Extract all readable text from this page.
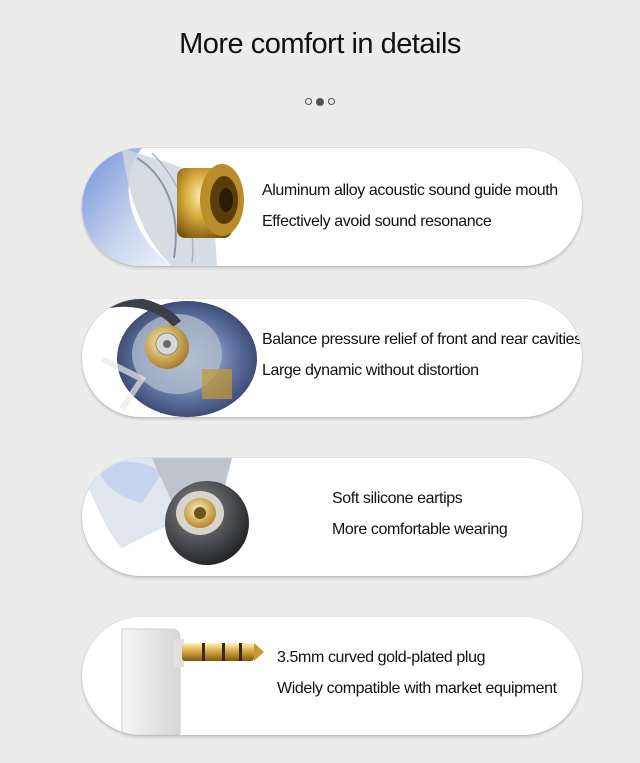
More comfort in details
Aluminum alloy acoustic sound guide mouth
Effectively avoid sound resonance
Balance pressure relief of front and rear cavities
Large dynamic without distortion
Soft silicone eartips
More comfortable wearing
3.5mm curved gold-plated plug
Widely compatible with market equipment
